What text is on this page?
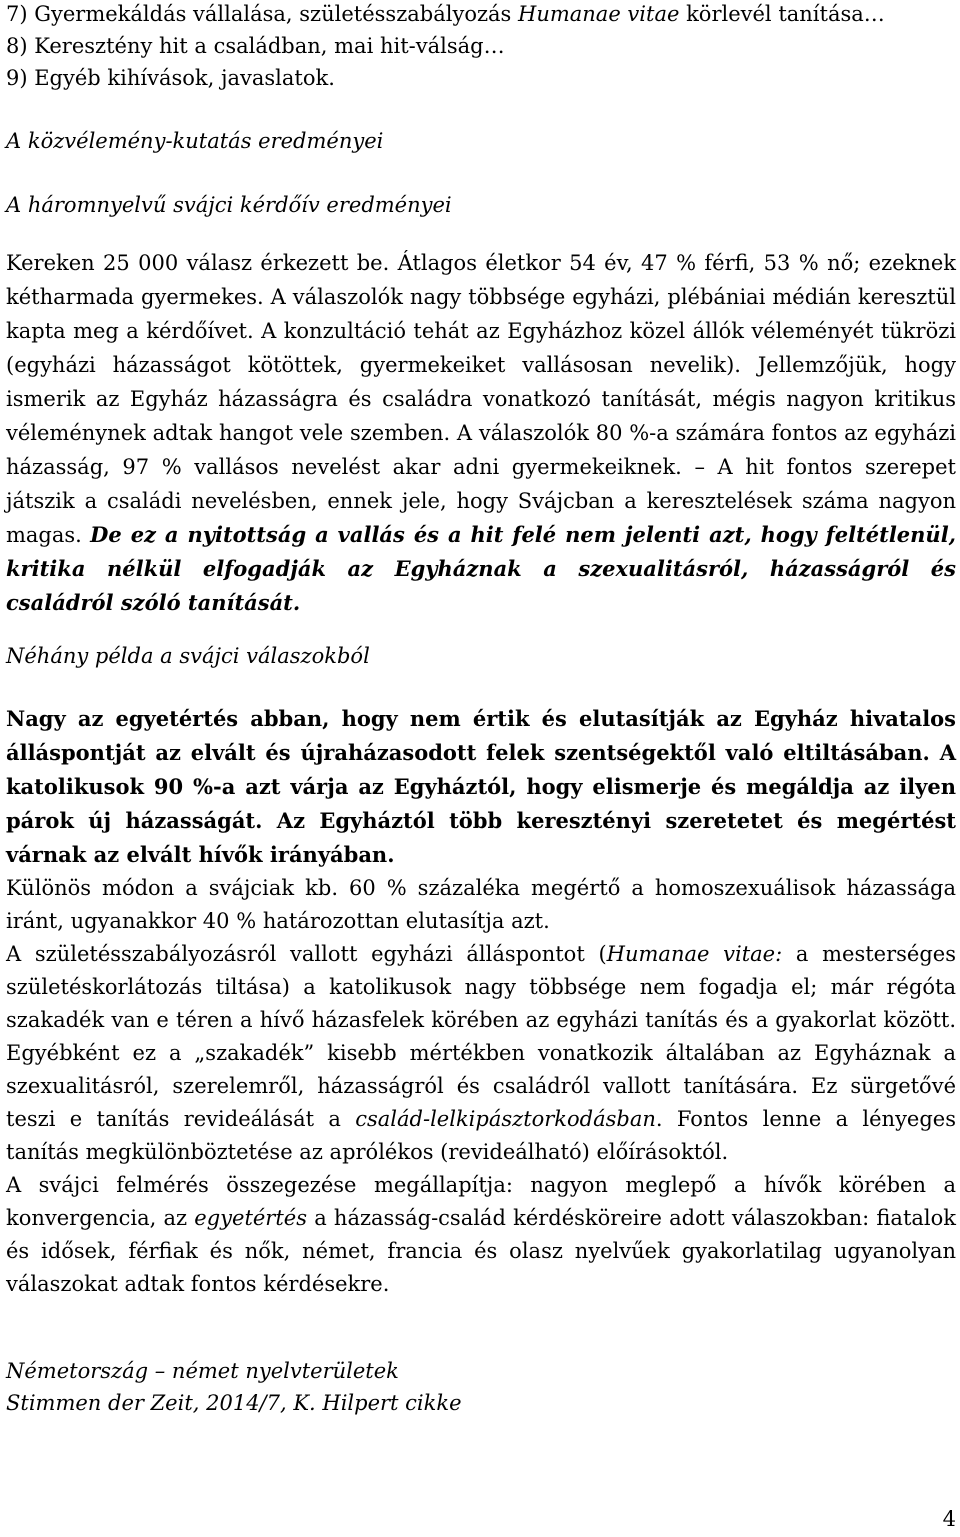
7) Gyermekáldás vállalása, születésszabályozás Humanae vitae körlevél tanítása…

8) Keresztény hit a családban, mai hit-válság…

9) Egyéb kihívások, javaslatok.

A közvélemény-kutatás eredményei

A háromnyelvű svájci kérdőív eredményei

Kereken 25 000 válasz érkezett be. Átlagos életkor 54 év, 47 % férfi, 53 % nő; ezeknek kétharmada gyermekes. A válaszolók nagy többsége egyházi, plébániai médián keresztül kapta meg a kérdőívet. A konzultáció tehát az Egyházhoz közel állók véleményét tükrözi (egyházi házasságot kötöttek, gyermekeiket vallásosan nevelik). Jellemzőjük, hogy ismerik az Egyház házasságra és családra vonatkozó tanítását, mégis nagyon kritikus véleménynek adtak hangot vele szemben. A válaszolók 80 %-a számára fontos az egyházi házasság, 97 % vallásos nevelést akar adni gyermekeiknek. – A hit fontos szerepet játszik a családi nevelésben, ennek jele, hogy Svájcban a keresztelések száma nagyon magas. De ez a nyitottság a vallás és a hit felé nem jelenti azt, hogy feltétlenül, kritika nélkül elfogadják az Egyháznak a szexualitásról, házasságról és családról szóló tanítását.

Néhány példa a svájci válaszokból

Nagy az egyetértés abban, hogy nem értik és elutasítják az Egyház hivatalos álláspontját az elvált és újraházasodott felek szentségektől való eltiltásában. A katolikusok 90 %-a azt várja az Egyháztól, hogy elismerje és megáldja az ilyen párok új házasságát. Az Egyháztól több keresztényi szeretetet és megértést várnak az elvált hívők irányában.

Különös módon a svájciak kb. 60 % százaléka megértő a homoszexuálisok házassága iránt, ugyanakkor 40 % határozottan elutasítja azt.

A születésszabályozásról vallott egyházi álláspontot (Humanae vitae: a mesterséges születéskorlátozás tiltása) a katolikusok nagy többsége nem fogadja el; már régóta szakadék van e téren a hívő házasfelek körében az egyházi tanítás és a gyakorlat között. Egyébként ez a „szakadék” kisebb mértékben vonatkozik általában az Egyháznak a szexualitásról, szerelemről, házasságról és családról vallott tanítására. Ez sürgetővé teszi e tanítás revideálását a család-lelkipásztorkodásban. Fontos lenne a lényeges tanítás megkülönböztetése az aprólékos (revideálható) előírásoktól.

A svájci felmérés összegezése megállapítja: nagyon meglepő a hívők körében a konvergencia, az egyetértés a házasság-család kérdésköreire adott válaszokban: fiatalok és idősek, férfiak és nők, német, francia és olasz nyelvűek gyakorlatilag ugyanolyan válaszokat adtak fontos kérdésekre.

Németország – német nyelvterületek

Stimmen der Zeit, 2014/7, K. Hilpert cikke

4
